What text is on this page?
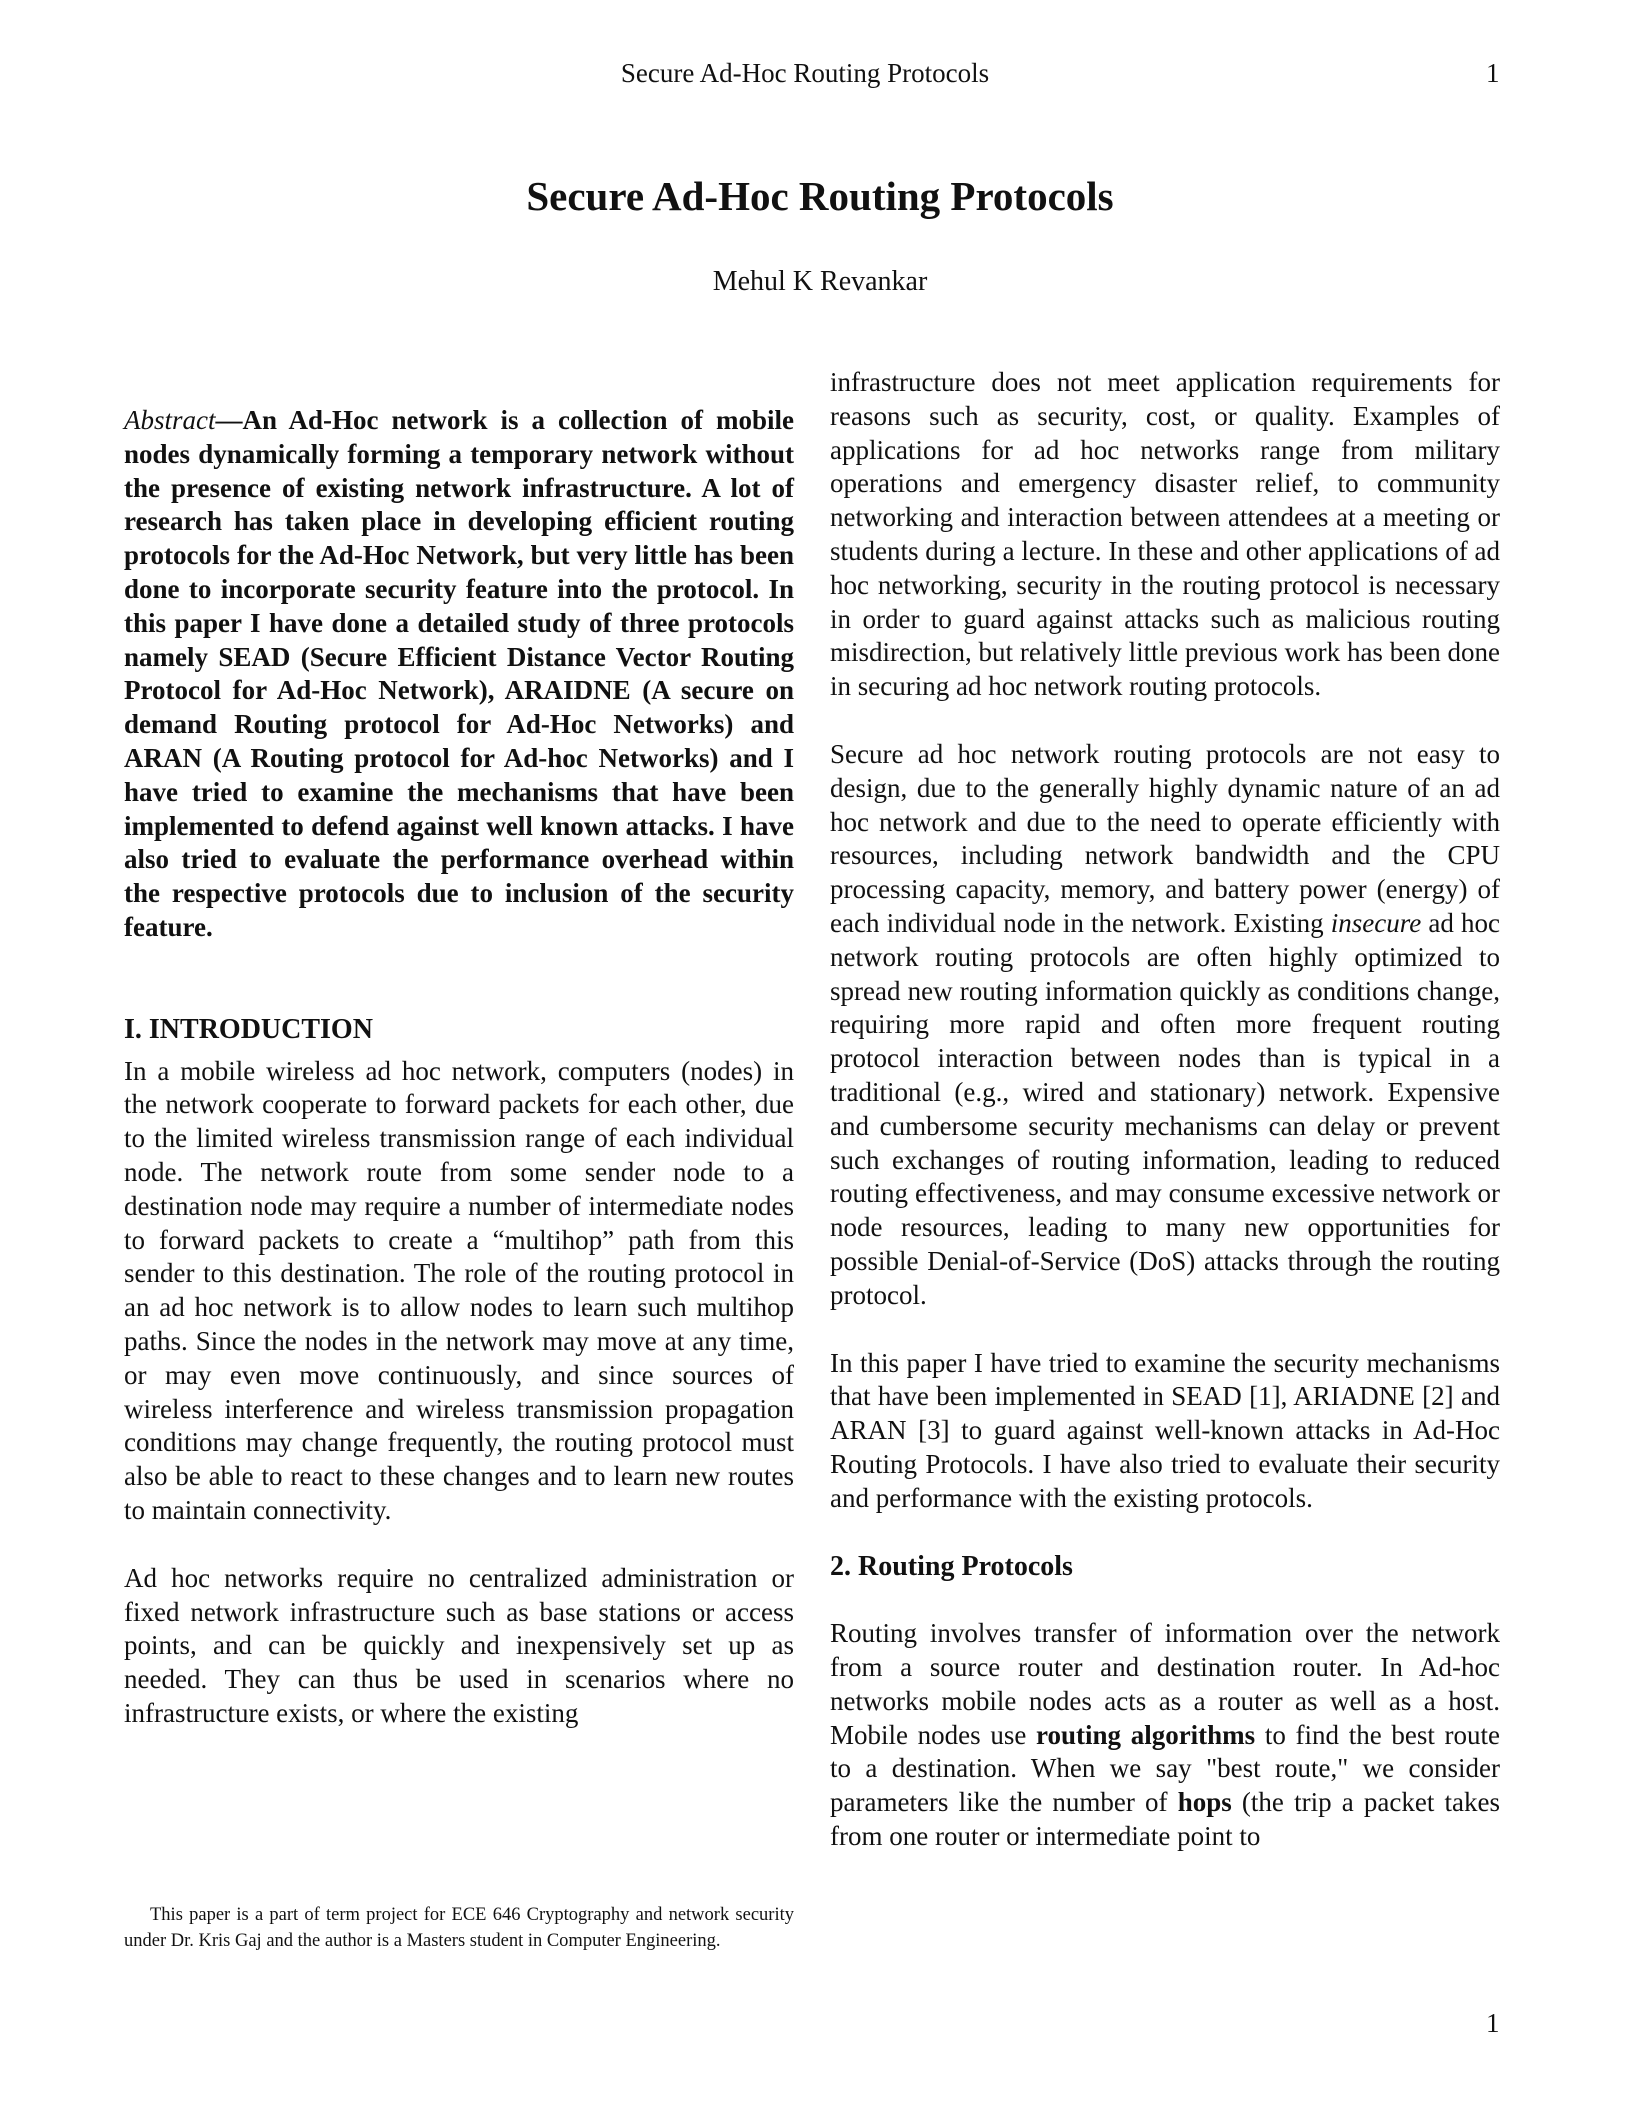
Secure Ad-Hoc Routing Protocols	1
Secure Ad-Hoc Routing Protocols
Mehul K Revankar

Abstract—An Ad-Hoc network is a collection of mobile nodes dynamically forming a temporary network without the presence of existing network infrastructure. A lot of research has taken place in developing efficient routing protocols for the Ad-Hoc Network, but very little has been done to incorporate security feature into the protocol. In this paper I have done a detailed study of three protocols namely SEAD (Secure Efficient Distance Vector Routing Protocol for Ad-Hoc Network), ARAIDNE (A secure on demand Routing protocol for Ad-Hoc Networks) and ARAN (A Routing protocol for Ad-hoc Networks) and I have tried to examine the mechanisms that have been implemented to defend against well known attacks. I have also tried to evaluate the performance overhead within the respective protocols due to inclusion of the security feature.

I. INTRODUCTION

In a mobile wireless ad hoc network, computers (nodes) in the network cooperate to forward packets for each other, due to the limited wireless transmission range of each individual node. The network route from some sender node to a destination node may require a number of intermediate nodes to forward packets to create a “multihop” path from this sender to this destination. The role of the routing protocol in an ad hoc network is to allow nodes to learn such multihop paths. Since the nodes in the network may move at any time, or may even move continuously, and since sources of wireless interference and wireless transmission propagation conditions may change frequently, the routing protocol must also be able to react to these changes and to learn new routes to maintain connectivity.

Ad hoc networks require no centralized administration or fixed network infrastructure such as base stations or access points, and can be quickly and inexpensively set up as needed. They can thus be used in scenarios where no infrastructure exists, or where the existing

This paper is a part of term project for ECE 646 Cryptography and network security under Dr. Kris Gaj and the author is a Masters student in Computer Engineering.

infrastructure does not meet application requirements for reasons such as security, cost, or quality. Examples of applications for ad hoc networks range from military operations and emergency disaster relief, to community networking and interaction between attendees at a meeting or students during a lecture. In these and other applications of ad hoc networking, security in the routing protocol is necessary in order to guard against attacks such as malicious routing misdirection, but relatively little previous work has been done in securing ad hoc network routing protocols.

Secure ad hoc network routing protocols are not easy to design, due to the generally highly dynamic nature of an ad hoc network and due to the need to operate efficiently with resources, including network bandwidth and the CPU processing capacity, memory, and battery power (energy) of each individual node in the network. Existing insecure ad hoc network routing protocols are often highly optimized to spread new routing information quickly as conditions change, requiring more rapid and often more frequent routing protocol interaction between nodes than is typical in a traditional (e.g., wired and stationary) network. Expensive and cumbersome security mechanisms can delay or prevent such exchanges of routing information, leading to reduced routing effectiveness, and may consume excessive network or node resources, leading to many new opportunities for possible Denial-of-Service (DoS) attacks through the routing protocol.

In this paper I have tried to examine the security mechanisms that have been implemented in SEAD [1], ARIADNE [2] and ARAN [3] to guard against well-known attacks in Ad-Hoc Routing Protocols. I have also tried to evaluate their security and performance with the existing protocols.

2. Routing Protocols

Routing involves transfer of information over the network from a source router and destination router. In Ad-hoc networks mobile nodes acts as a router as well as a host. Mobile nodes use routing algorithms to find the best route to a destination. When we say "best route," we consider parameters like the number of hops (the trip a packet takes from one router or intermediate point to

1
